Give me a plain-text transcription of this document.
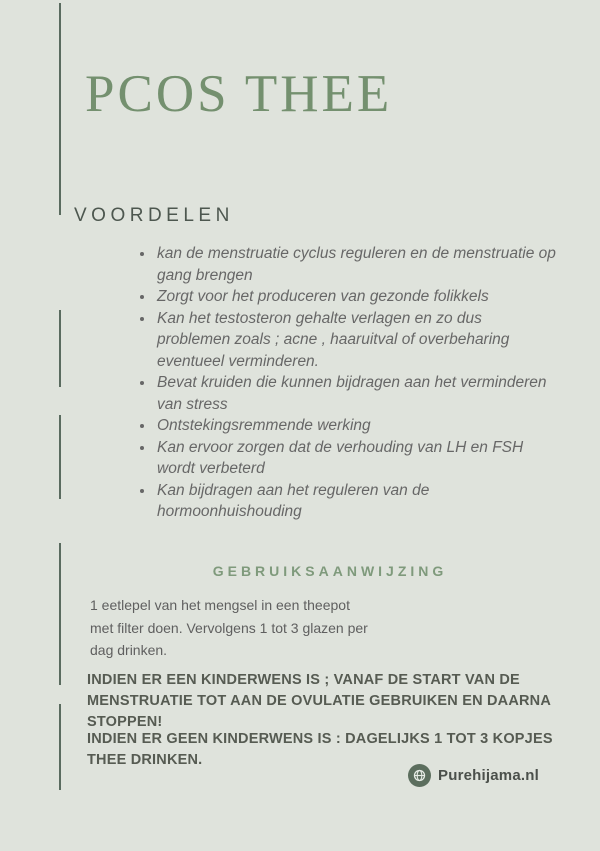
PCOS THEE
VOORDELEN
• kan de menstruatie cyclus reguleren en de menstruatie op gang brengen
• Zorgt voor het produceren van gezonde folikkels
• Kan het testosteron gehalte verlagen en zo dus problemen zoals ; acne , haaruitval of overbeharing eventueel verminderen.
• Bevat kruiden die kunnen bijdragen aan het verminderen van stress
• Ontstekingsremmende werking
• Kan ervoor zorgen dat de verhouding van LH en FSH wordt verbeterd
• Kan bijdragen aan het reguleren van de hormoonhuishouding
GEBRUIKSAANWIJZING

1 eetlepel van het mengsel in een theepot met filter doen. Vervolgens 1 tot 3 glazen per dag drinken.

INDIEN ER EEN KINDERWENS IS ; VANAF DE START VAN DE MENSTRUATIE TOT AAN DE OVULATIE GEBRUIKEN EN DAARNA STOPPEN!

INDIEN ER GEEN KINDERWENS IS : DAGELIJKS 1 TOT 3 KOPJES THEE DRINKEN.

Purehijama.nl
